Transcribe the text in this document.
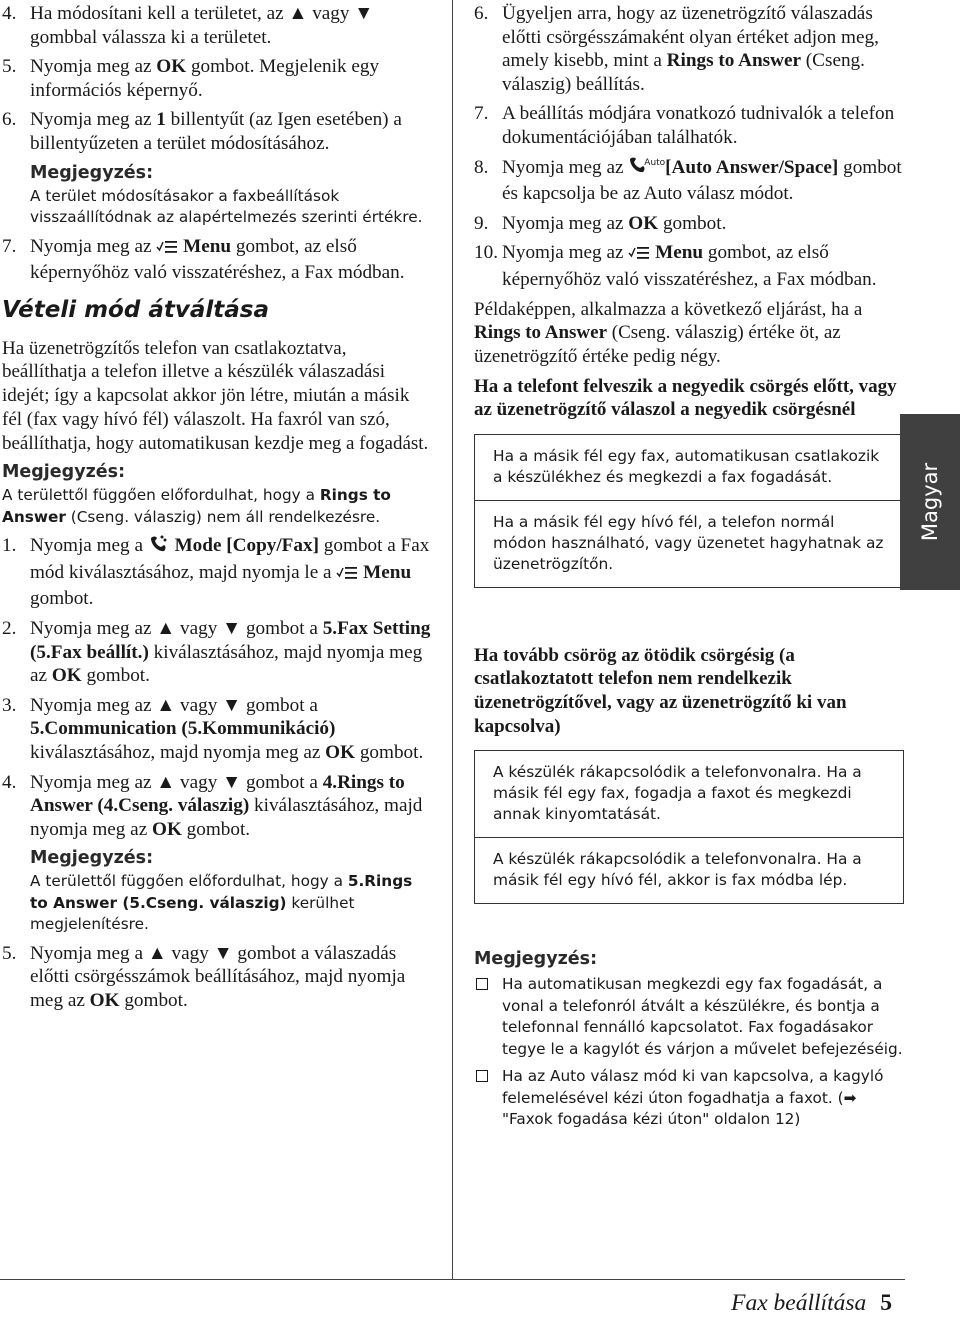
4. Ha módosítani kell a területet, az ▲ vagy ▼ gombbal válassza ki a területet.
5. Nyomja meg az OK gombot. Megjelenik egy információs képernyő.
6. Nyomja meg az 1 billentyűt (az Igen esetében) a billentyűzeten a terület módosításához.
Megjegyzés:
A terület módosításakor a faxbeállítások visszaállítódnak az alapértelmezés szerinti értékre.
7. Nyomja meg az  Menu gombot, az első képernyőhöz való visszatéréshez, a Fax módban.
Vételi mód átváltása
Ha üzenetrögzítős telefon van csatlakoztatva, beállíthatja a telefon illetve a készülék válaszadási idejét; így a kapcsolat akkor jön létre, miután a másik fél (fax vagy hívó fél) válaszolt. Ha faxról van szó, beállíthatja, hogy automatikusan kezdje meg a fogadást.
Megjegyzés:
A területtől függően előfordulhat, hogy a Rings to Answer (Cseng. válaszig) nem áll rendelkezésre.
1. Nyomja meg a  Mode [Copy/Fax] gombot a Fax mód kiválasztásához, majd nyomja le a  Menu gombot.
2. Nyomja meg az ▲ vagy ▼ gombot a 5.Fax Setting (5.Fax beállít.) kiválasztásához, majd nyomja meg az OK gombot.
3. Nyomja meg az ▲ vagy ▼ gombot a 5.Communication (5.Kommunikáció) kiválasztásához, majd nyomja meg az OK gombot.
4. Nyomja meg az ▲ vagy ▼ gombot a 4.Rings to Answer (4.Cseng. válaszig) kiválasztásához, majd nyomja meg az OK gombot.
Megjegyzés:
A területtől függően előfordulhat, hogy a 5.Rings to Answer (5.Cseng. válaszig) kerülhet megjelenítésre.
5. Nyomja meg a ▲ vagy ▼ gombot a válaszadás előtti csörgésszámok beállításához, majd nyomja meg az OK gombot.
6. Ügyeljen arra, hogy az üzenetrögzítő válaszadás előtti csörgésszámaként olyan értéket adjon meg, amely kisebb, mint a Rings to Answer (Cseng. válaszig) beállítás.
7. A beállítás módjára vonatkozó tudnivalók a telefon dokumentációjában találhatók.
8. Nyomja meg az Auto [Auto Answer/Space] gombot és kapcsolja be az Auto válasz módot.
9. Nyomja meg az OK gombot.
10. Nyomja meg az  Menu gombot, az első képernyőhöz való visszatéréshez, a Fax módban.
Példaképpen, alkalmazza a következő eljárást, ha a Rings to Answer (Cseng. válaszig) értéke öt, az üzenetrögzítő értéke pedig négy.
Ha a telefont felveszik a negyedik csörgés előtt, vagy az üzenetrögzítő válaszol a negyedik csörgésnél
Ha a másik fél egy fax, automatikusan csatlakozik a készülékhez és megkezdi a fax fogadását.
Ha a másik fél egy hívó fél, a telefon normál módon használható, vagy üzenetet hagyhatnak az üzenetrögzítőn.
Ha tovább csörög az ötödik csörgésig (a csatlakoztatott telefon nem rendelkezik üzenetrögzítővel, vagy az üzenetrögzítő ki van kapcsolva)
A készülék rákapcsolódik a telefonvonalra. Ha a másik fél egy fax, fogadja a faxot és megkezdi annak kinyomtatását.
A készülék rákapcsolódik a telefonvonalra. Ha a másik fél egy hívó fél, akkor is fax módba lép.
Megjegyzés:
Ha automatikusan megkezdi egy fax fogadását, a vonal a telefonról átvált a készülékre, és bontja a telefonnal fennálló kapcsolatot. Fax fogadásakor tegye le a kagylót és várjon a művelet befejezéséig.
Ha az Auto válasz mód ki van kapcsolva, a kagyló felemelésével kézi úton fogadhatja a faxot. (➡ "Faxok fogadása kézi úton" oldalon 12)
Magyar
Fax beállítása 5
